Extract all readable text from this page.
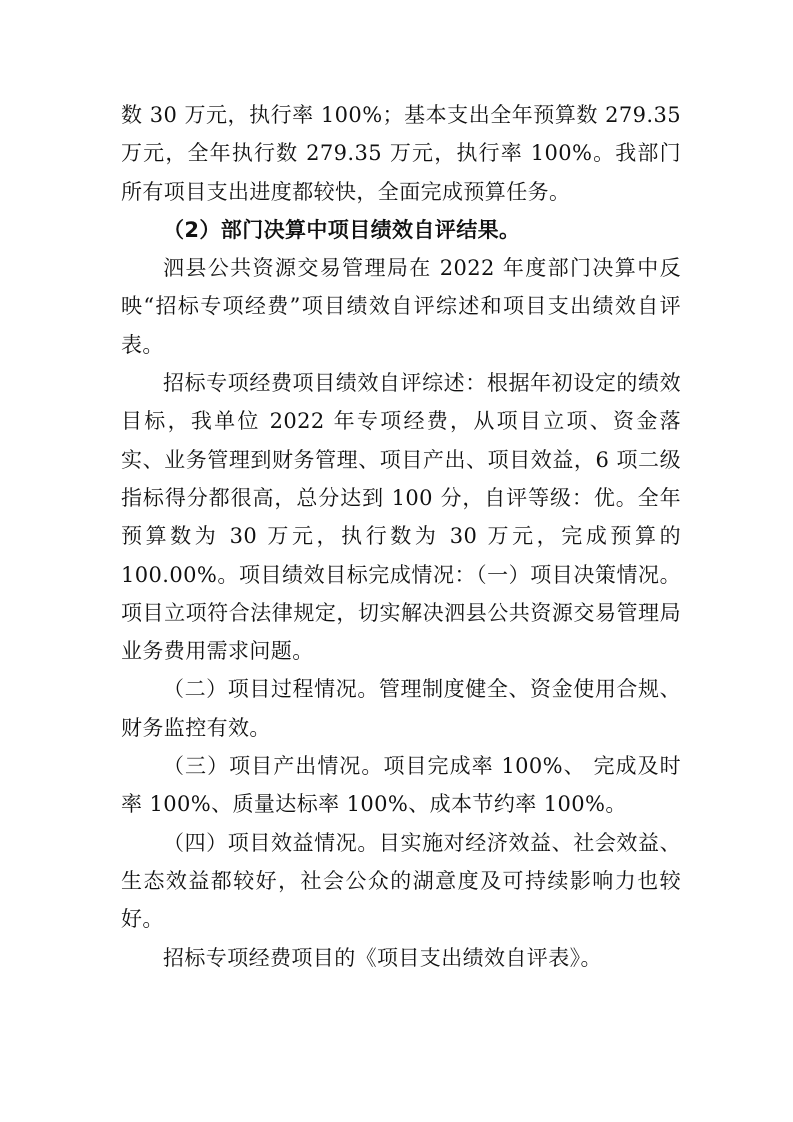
数 30 万元，执行率 100%；基本支出全年预算数 279.35 万元，全年执行数 279.35 万元，执行率 100%。我部门所有项目支出进度都较快，全面完成预算任务。

（2）部门决算中项目绩效自评结果。

泗县公共资源交易管理局在 2022 年度部门决算中反映“招标专项经费”项目绩效自评综述和项目支出绩效自评表。

招标专项经费项目绩效自评综述：根据年初设定的绩效目标，我单位 2022 年专项经费，从项目立项、资金落实、业务管理到财务管理、项目产出、项目效益，6 项二级指标得分都很高，总分达到 100 分，自评等级：优。全年预算数为 30 万元，执行数为 30 万元，完成预算的 100.00%。项目绩效目标完成情况：（一）项目决策情况。项目立项符合法律规定，切实解决泗县公共资源交易管理局业务费用需求问题。

（二）项目过程情况。管理制度健全、资金使用合规、财务监控有效。

（三）项目产出情况。项目完成率 100%、 完成及时率 100%、质量达标率 100%、成本节约率 100%。

（四）项目效益情况。目实施对经济效益、社会效益、生态效益都较好，社会公众的湖意度及可持续影响力也较好。

招标专项经费项目的《项目支出绩效自评表》。
